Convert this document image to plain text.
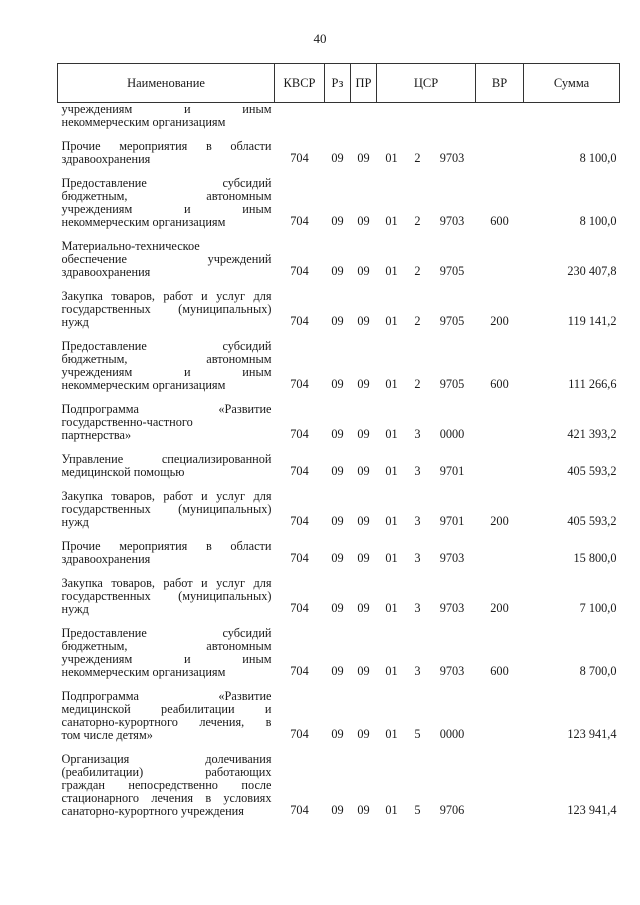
40
Наименование	КВСР	Рз	ПР	ЦСР			ВР	Сумма

учреждениям и иным
некоммерческим организациям								

Прочие мероприятия в области
здравоохранения	704	09	09	01	2	9703		8 100,0

Предоставление субсидий
бюджетным, автономным
учреждениям и иным
некоммерческим организациям	704	09	09	01	2	9703	600	8 100,0

Материально-техническое
обеспечение учреждений
здравоохранения	704	09	09	01	2	9705		230 407,8

Закупка товаров, работ и услуг для
государственных (муниципальных)
нужд	704	09	09	01	2	9705	200	119 141,2

Предоставление субсидий
бюджетным, автономным
учреждениям и иным
некоммерческим организациям	704	09	09	01	2	9705	600	111 266,6

Подпрограмма «Развитие
государственно-частного
партнерства»	704	09	09	01	3	0000		421 393,2

Управление специализированной
медицинской помощью	704	09	09	01	3	9701		405 593,2

Закупка товаров, работ и услуг для
государственных (муниципальных)
нужд	704	09	09	01	3	9701	200	405 593,2

Прочие мероприятия в области
здравоохранения	704	09	09	01	3	9703		15 800,0

Закупка товаров, работ и услуг для
государственных (муниципальных)
нужд	704	09	09	01	3	9703	200	7 100,0

Предоставление субсидий
бюджетным, автономным
учреждениям и иным
некоммерческим организациям	704	09	09	01	3	9703	600	8 700,0

Подпрограмма «Развитие
медицинской реабилитации и
санаторно-курортного лечения, в
том числе детям»	704	09	09	01	5	0000		123 941,4

Организация долечивания
(реабилитации) работающих
граждан непосредственно после
стационарного лечения в условиях
санаторно-курортного учреждения	704	09	09	01	5	9706		123 941,4
